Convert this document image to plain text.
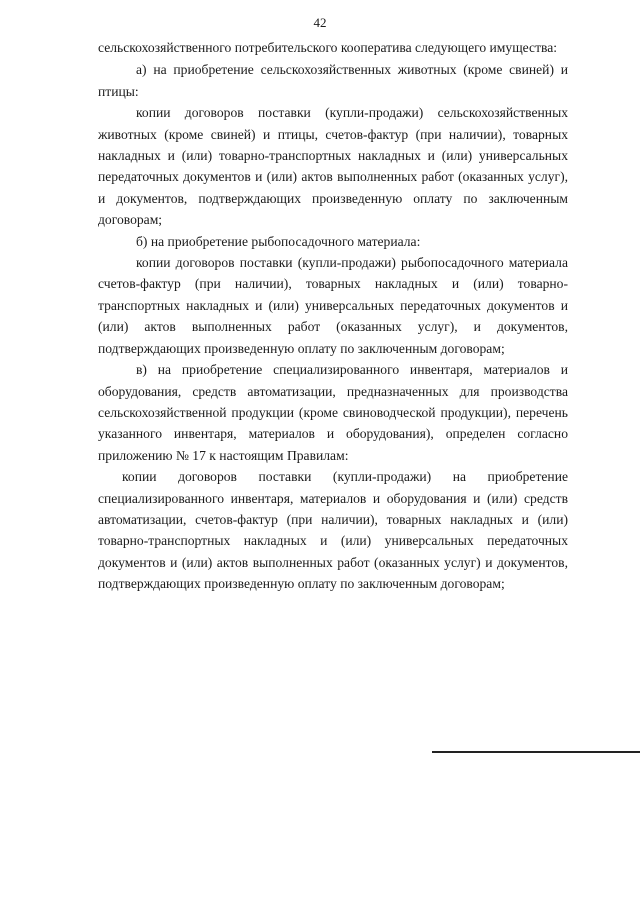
42

сельскохозяйственного потребительского кооператива следующего имущества:

а) на приобретение сельскохозяйственных животных (кроме свиней) и птицы:

копии договоров поставки (купли-продажи) сельскохозяйственных животных (кроме свиней) и птицы, счетов-фактур (при наличии), товарных накладных и (или) товарно-транспортных накладных и (или) универсальных передаточных документов и (или) актов выполненных работ (оказанных услуг), и документов, подтверждающих произведенную оплату по заключенным договорам;

б) на приобретение рыбопосадочного материала:

копии договоров поставки (купли-продажи) рыбопосадочного материала счетов-фактур (при наличии), товарных накладных и (или) товарно-транспортных накладных и (или) универсальных передаточных документов и (или) актов выполненных работ (оказанных услуг), и документов, подтверждающих произведенную оплату по заключенным договорам;

в) на приобретение специализированного инвентаря, материалов и оборудования, средств автоматизации, предназначенных для производства сельскохозяйственной продукции (кроме свиноводческой продукции), перечень указанного инвентаря, материалов и оборудования), определен согласно приложению № 17 к настоящим Правилам:

копии договоров поставки (купли-продажи) на приобретение специализированного инвентаря, материалов и оборудования и (или) средств автоматизации, счетов-фактур (при наличии), товарных накладных и (или) товарно-транспортных накладных и (или) универсальных передаточных документов и (или) актов выполненных работ (оказанных услуг) и документов, подтверждающих произведенную оплату по заключенным договорам;
